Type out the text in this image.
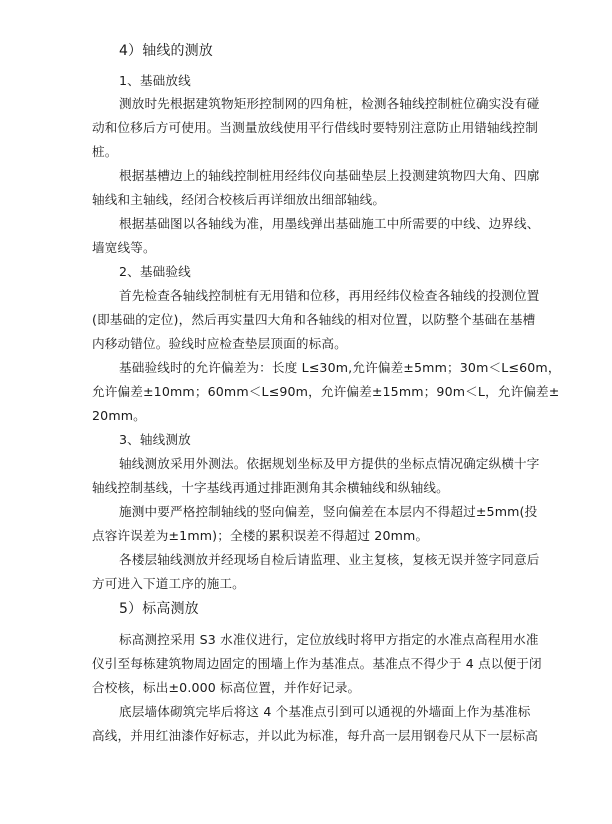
4）轴线的测放
1、基础放线
测放时先根据建筑物矩形控制网的四角桩，检测各轴线控制桩位确实没有碰
动和位移后方可使用。当测量放线使用平行借线时要特别注意防止用错轴线控制
桩。
根据基槽边上的轴线控制桩用经纬仪向基础垫层上投测建筑物四大角、四廓
轴线和主轴线，经闭合校核后再详细放出细部轴线。
根据基础图以各轴线为准，用墨线弹出基础施工中所需要的中线、边界线、
墙宽线等。
2、基础验线
首先检查各轴线控制桩有无用错和位移，再用经纬仪检查各轴线的投测位置
(即基础的定位)，然后再实量四大角和各轴线的相对位置，以防整个基础在基槽
内移动错位。验线时应检查垫层顶面的标高。
基础验线时的允许偏差为：长度 L≤30m,允许偏差±5mm；30m＜L≤60m，
允许偏差±10mm；60mm＜L≤90m，允许偏差±15mm；90m＜L，允许偏差±
20mm。
3、轴线测放
轴线测放采用外测法。依据规划坐标及甲方提供的坐标点情况确定纵横十字
轴线控制基线，十字基线再通过排距测角其余横轴线和纵轴线。
施测中要严格控制轴线的竖向偏差，竖向偏差在本层内不得超过±5mm(投
点容许误差为±1mm)；全楼的累积误差不得超过 20mm。
各楼层轴线测放并经现场自检后请监理、业主复核，复核无误并签字同意后
方可进入下道工序的施工。
5）标高测放
标高测控采用 S3 水准仪进行，定位放线时将甲方指定的水准点高程用水准
仪引至每栋建筑物周边固定的围墙上作为基准点。基准点不得少于 4 点以便于闭
合校核，标出±0.000 标高位置，并作好记录。
底层墙体砌筑完毕后将这 4 个基准点引到可以通视的外墙面上作为基准标
高线，并用红油漆作好标志，并以此为标准，每升高一层用钢卷尺从下一层标高
